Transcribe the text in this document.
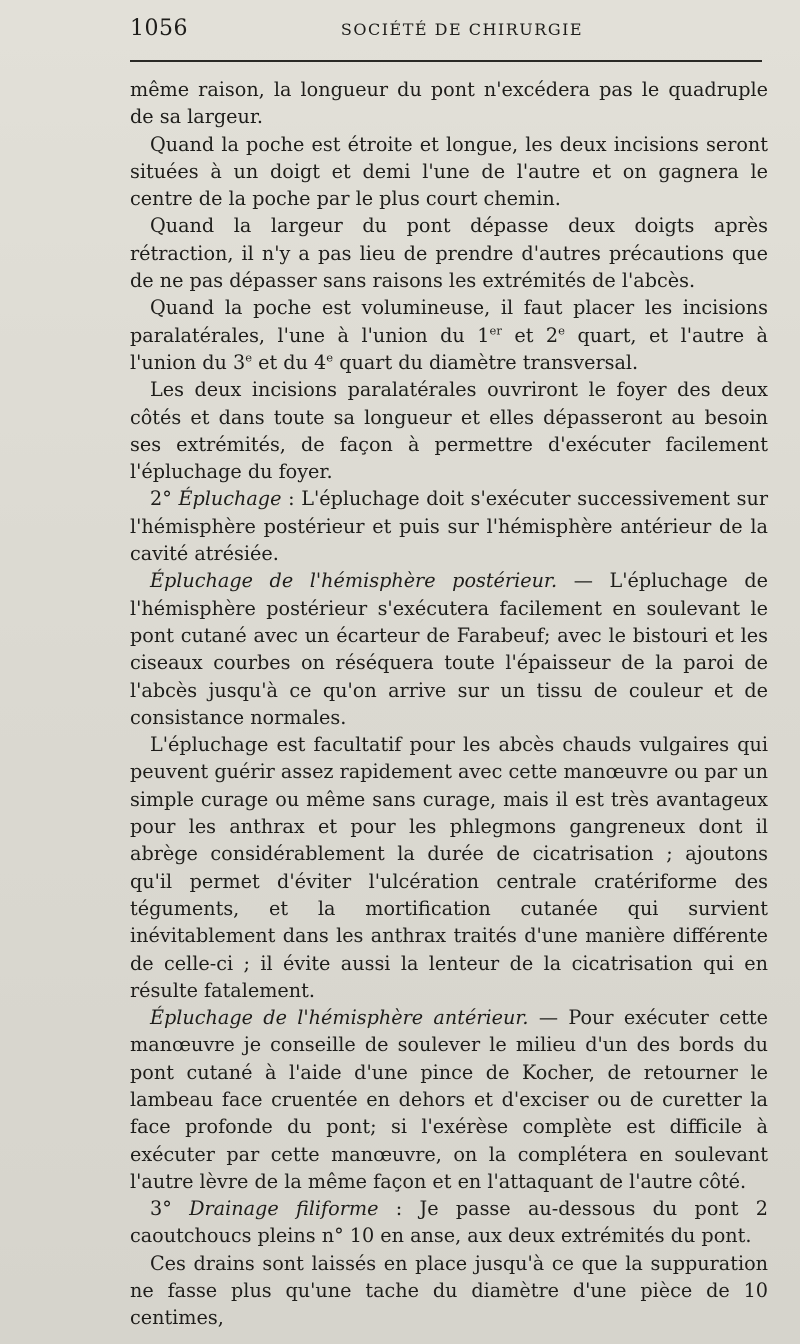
1056	SOCIÉTÉ DE CHIRURGIE

même raison, la longueur du pont n'excédera pas le quadruple de sa largeur.

Quand la poche est étroite et longue, les deux incisions seront situées à un doigt et demi l'une de l'autre et on gagnera le centre de la poche par le plus court chemin.

Quand la largeur du pont dépasse deux doigts après rétraction, il n'y a pas lieu de prendre d'autres précautions que de ne pas dépasser sans raisons les extrémités de l'abcès.

Quand la poche est volumineuse, il faut placer les incisions paralatérales, l'une à l'union du 1er et 2e quart, et l'autre à l'union du 3e et du 4e quart du diamètre transversal.

Les deux incisions paralatérales ouvriront le foyer des deux côtés et dans toute sa longueur et elles dépasseront au besoin ses extrémités, de façon à permettre d'exécuter facilement l'épluchage du foyer.

2° Épluchage : L'épluchage doit s'exécuter successivement sur l'hémisphère postérieur et puis sur l'hémisphère antérieur de la cavité atrésiée.

Épluchage de l'hémisphère postérieur. — L'épluchage de l'hémisphère postérieur s'exécutera facilement en soulevant le pont cutané avec un écarteur de Farabeuf; avec le bistouri et les ciseaux courbes on réséquera toute l'épaisseur de la paroi de l'abcès jusqu'à ce qu'on arrive sur un tissu de couleur et de consistance normales.

L'épluchage est facultatif pour les abcès chauds vulgaires qui peuvent guérir assez rapidement avec cette manœuvre ou par un simple curage ou même sans curage, mais il est très avantageux pour les anthrax et pour les phlegmons gangreneux dont il abrège considérablement la durée de cicatrisation ; ajoutons qu'il permet d'éviter l'ulcération centrale cratériforme des téguments, et la mortification cutanée qui survient inévitablement dans les anthrax traités d'une manière différente de celle-ci ; il évite aussi la lenteur de la cicatrisation qui en résulte fatalement.

Épluchage de l'hémisphère antérieur. — Pour exécuter cette manœuvre je conseille de soulever le milieu d'un des bords du pont cutané à l'aide d'une pince de Kocher, de retourner le lambeau face cruentée en dehors et d'exciser ou de curetter la face profonde du pont; si l'exérèse complète est difficile à exécuter par cette manœuvre, on la complétera en soulevant l'autre lèvre de la même façon et en l'attaquant de l'autre côté.

3° Drainage filiforme : Je passe au-dessous du pont 2 caoutchoucs pleins n° 10 en anse, aux deux extrémités du pont.

Ces drains sont laissés en place jusqu'à ce que la suppuration ne fasse plus qu'une tache du diamètre d'une pièce de 10 centimes,
